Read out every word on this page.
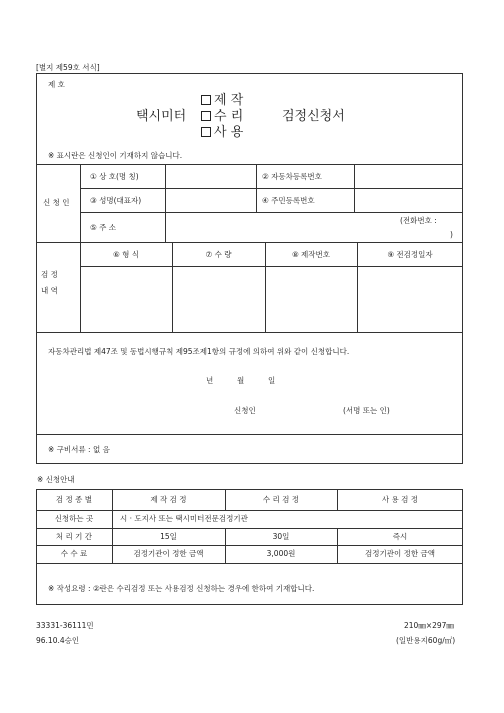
[별지 제59호 서식]
제 호
택시미터
제 작
수 리
사 용
검정신청서
※ 표시란은 신청인이 기재하지 않습니다.
신 청 인
① 상 호(명 칭)	② 자동차등록번호
③ 성명(대표자)	④ 주민등록번호
⑤ 주 소
(전화번호 :
)
검 정
내 역
⑥ 형 식	⑦ 수 량	⑧ 제작번호	⑨ 전검정일자
자동차관리법 제47조 및 동법시행규칙 제95조제1항의 규정에 의하여 위와 같이 신청합니다.
년	월	일
신청인	(서명 또는 인)
※ 구비서류 : 없 음
※ 신청안내
검 정 종 별	제 작 검 정	수 리 검 정	사 용 검 정
신청하는 곳	시 · 도지사 또는 택시미터전문검정기관
처 리 기 간	15일	30일	즉시
수 수 료	검정기관이 정한 금액	3,000원	검정기관이 정한 금액
※ 작성요령 : ②란은 수리검정 또는 사용검정 신청하는 경우에 한하여 기재합니다.
33331-36111민
96.10.4승인
210㎜×297㎜
(일반용지60g/㎡)
